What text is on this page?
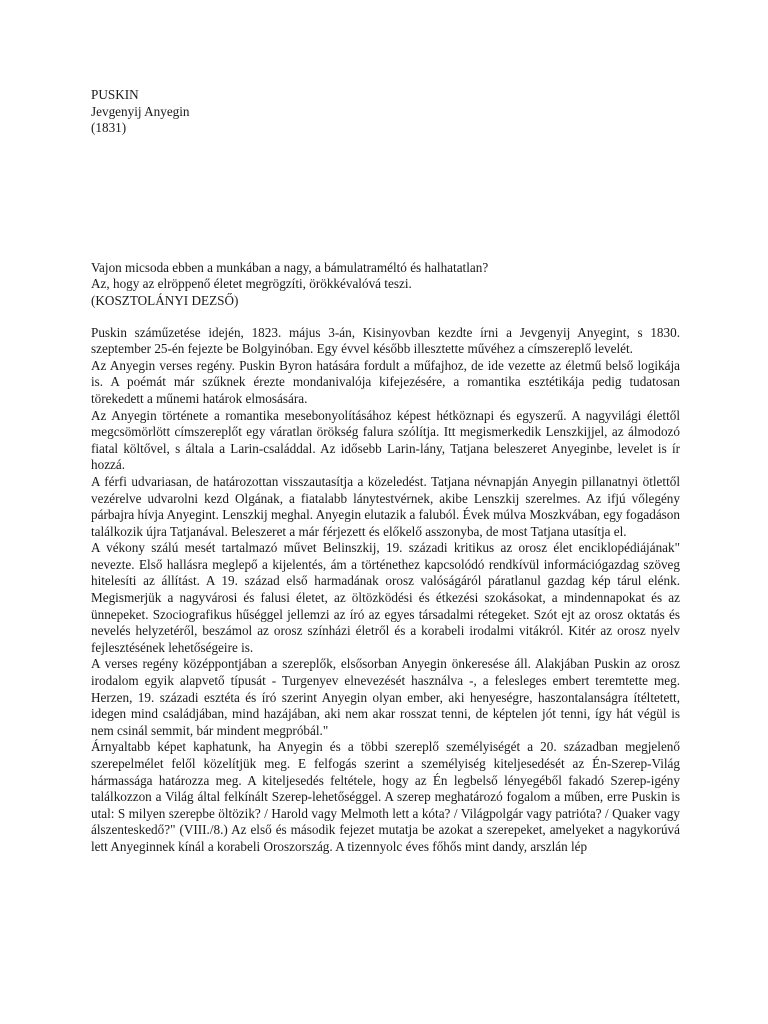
PUSKIN
Jevgenyij Anyegin
(1831)
Vajon micsoda ebben a munkában a nagy, a bámulatraméltó és halhatatlan?
Az, hogy az elröppenő életet megrögzíti, örökkévalóvá teszi.
(KOSZTOLÁNYI DEZSŐ)

Puskin száműzetése idején, 1823. május 3-án, Kisinyovban kezdte írni a Jevgenyij Anyegint, s 1830. szeptember 25-én fejezte be Bolgyinóban. Egy évvel később illesztette művéhez a címszereplő levelét.

Az Anyegin verses regény. Puskin Byron hatására fordult a műfajhoz, de ide vezette az életmű belső logikája is. A poémát már szűknek érezte mondanivalója kifejezésére, a romantika esztétikája pedig tudatosan törekedett a műnemi határok elmosására.

Az Anyegin története a romantika mesebonyolításához képest hétköznapi és egyszerű. A nagyvilági élettől megcsömörlött címszereplőt egy váratlan örökség falura szólítja. Itt megismerkedik Lenszkijjel, az álmodozó fiatal költővel, s általa a Larin-családdal. Az idősebb Larin-lány, Tatjana beleszeret Anyeginbe, levelet is ír hozzá.

A férfi udvariasan, de határozottan visszautasítja a közeledést. Tatjana névnapján Anyegin pillanatnyi ötlettől vezérelve udvarolni kezd Olgának, a fiatalabb lánytestvérnek, akibe Lenszkij szerelmes. Az ifjú vőlegény párbajra hívja Anyegint. Lenszkij meghal. Anyegin elutazik a faluból. Évek múlva Moszkvában, egy fogadáson találkozik újra Tatjanával. Beleszeret a már férjezett és előkelő asszonyba, de most Tatjana utasítja el.

A vékony szálú mesét tartalmazó művet Belinszkij, 19. századi kritikus az orosz élet enciklopédiájának" nevezte. Első hallásra meglepő a kijelentés, ám a történethez kapcsolódó rendkívül információgazdag szöveg hitelesíti az állítást. A 19. század első harmadának orosz valóságáról páratlanul gazdag kép tárul elénk. Megismerjük a nagyvárosi és falusi életet, az öltözködési és étkezési szokásokat, a mindennapokat és az ünnepeket. Szociografikus hűséggel jellemzi az író az egyes társadalmi rétegeket. Szót ejt az orosz oktatás és nevelés helyzetéről, beszámol az orosz színházi életről és a korabeli irodalmi vitákról. Kitér az orosz nyelv fejlesztésének lehetőségeire is.

A verses regény középpontjában a szereplők, elsősorban Anyegin önkeresése áll. Alakjában Puskin az orosz irodalom egyik alapvető típusát - Turgenyev elnevezését használva -, a felesleges embert teremtette meg. Herzen, 19. századi esztéta és író szerint Anyegin olyan ember, aki henyeségre, haszontalanságra ítéltetett, idegen mind családjában, mind hazájában, aki nem akar rosszat tenni, de képtelen jót tenni, így hát végül is nem csinál semmit, bár mindent megpróbál."

Árnyaltabb képet kaphatunk, ha Anyegin és a többi szereplő személyiségét a 20. században megjelenő szerepelmélet felől közelítjük meg. E felfogás szerint a személyiség kiteljesedését az Én-Szerep-Világ hármassága határozza meg. A kiteljesedés feltétele, hogy az Én legbelső lényegéből fakadó Szerep-igény találkozzon a Világ által felkínált Szerep-lehetőséggel. A szerep meghatározó fogalom a műben, erre Puskin is utal: S milyen szerepbe öltözik? / Harold vagy Melmoth lett a kóta? / Világpolgár vagy patrióta? / Quaker vagy álszenteskedő?" (VIII./8.) Az első és második fejezet mutatja be azokat a szerepeket, amelyeket a nagykorúvá lett Anyeginnek kínál a korabeli Oroszország. A tizennyolc éves főhős mint dandy, arszlán lép
